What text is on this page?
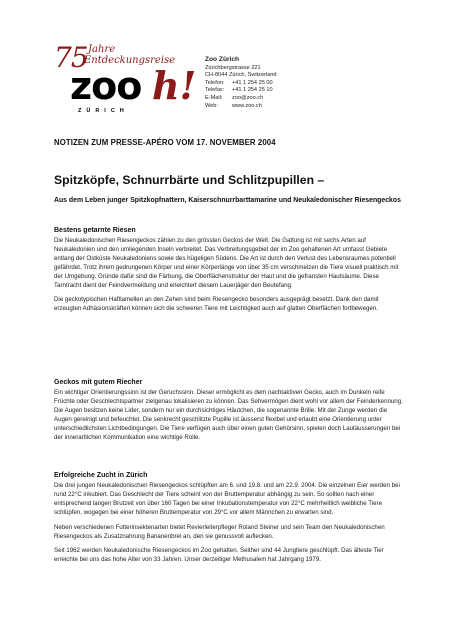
75 Jahre
Entdeckungsreise
zoo h!
ZÜRICH
Zoo Zürich
Zürichbergstrasse 221
CH-8044 Zürich, Switzerland
Telefon:	+41 1 254 25 00
Telefax:	+41 1 254 25 10
E-Mail:	zoo@zoo.ch
Web:	www.zoo.ch
NOTIZEN ZUM PRESSE-APÉRO VOM 17. NOVEMBER 2004
Spitzköpfe, Schnurrbärte und Schlitzpupillen –
Aus dem Leben junger Spitzkopfnattern, Kaiserschnurrbarttamarine und Neukaledonischer Riesengeckos
Bestens getarnte Riesen

Die Neukaledonischen Riesengeckos zählen zu den grössten Geckos der Welt. Die Gattung ist mit sechs Arten auf Neukaledonien und den umliegenden Inseln verbreitet. Das Verbreitungsgebiet der im Zoo gehaltenen Art umfasst Gebiete entlang der Ostküste Neukaledoniens sowie des hügeligen Südens. Die Art ist durch den Verlust des Lebensraumes potentiell gefährdet. Trotz ihrem gedrungenen Körper und einer Körperlänge von über 35 cm verschmelzen die Tiere visuell praktisch mit der Umgebung. Gründe dafür sind die Färbung, die Oberflächenstruktur der Haut und die gefransten Hautsäume. Diese Tarntracht dient der Feindvermeidung und erleichtert diesem Lauerjäger den Beutefang.

Die geckotypischen Haftlamellen an den Zehen sind beim Riesengecko besonders ausgeprägt besetzt. Dank den damit erzeugten Adhäsionskräften können sich die schweren Tiere mit Leichtigkeit auch auf glatten Oberflächen fortbewegen.

Geckos mit gutem Riecher

Ein wichtiger Orientierungssinn ist der Geruchssinn. Dieser ermöglicht es dem nachtaktiven Gecko, auch im Dunkeln reife Früchte oder Geschlechtspartner zielgenau lokalisieren zu können. Das Sehvermögen dient wohl vor allem der Feinderkennung. Die Augen besitzen keine Lider, sondern nur ein durchsichtiges Häutchen, die sogenannte Brille. Mit der Zunge werden die Augen gereinigt und befeuchtet. Die senkrecht geschlitzte Pupille ist äusserst flexibel und erlaubt eine Orientierung unter unterschiedlichsten Lichtbedingungen. Die Tiere verfügen auch über einen guten Gehörsinn, spielen doch Lautäusserungen bei der innerartlichen Kommunikation eine wichtige Rolle.

Erfolgreiche Zucht in Zürich

Die drei jungen Neukaledonischen Riesengeckos schlüpften am 6. und 19.8. und am 22.9. 2004. Die einzelnen Eier werden bei rund 22°C inkubiert. Das Geschlecht der Tiere scheint von der Bruttemperatur abhängig zu sein. So sollten nach einer entsprechend langen Brutzeit von über 160 Tagen bei einer Inkubationstemperatur von 22°C mehrheitlich weibliche Tiere schlüpfen, wogegen bei einer höheren Bruttemperatur von 29°C vor allem Männchen zu erwarten sind.

Neben verschiedenen Futterinsektenarten bietet Revierleiterpfleger Roland Steiner und sein Team den Neukaledonischen Riesengeckos als Zusatznahrung Bananenbrei an, den sie genussvoll auflecken.

Seit 1962 werden Neukaledonische Riesengeckos im Zoo gehalten. Seither sind 44 Jungtiere geschlüpft. Das älteste Tier erreichte bei uns das hohe Alter von 33 Jahren. Unser derzeitiger Methusalem hat Jahrgang 1979.
